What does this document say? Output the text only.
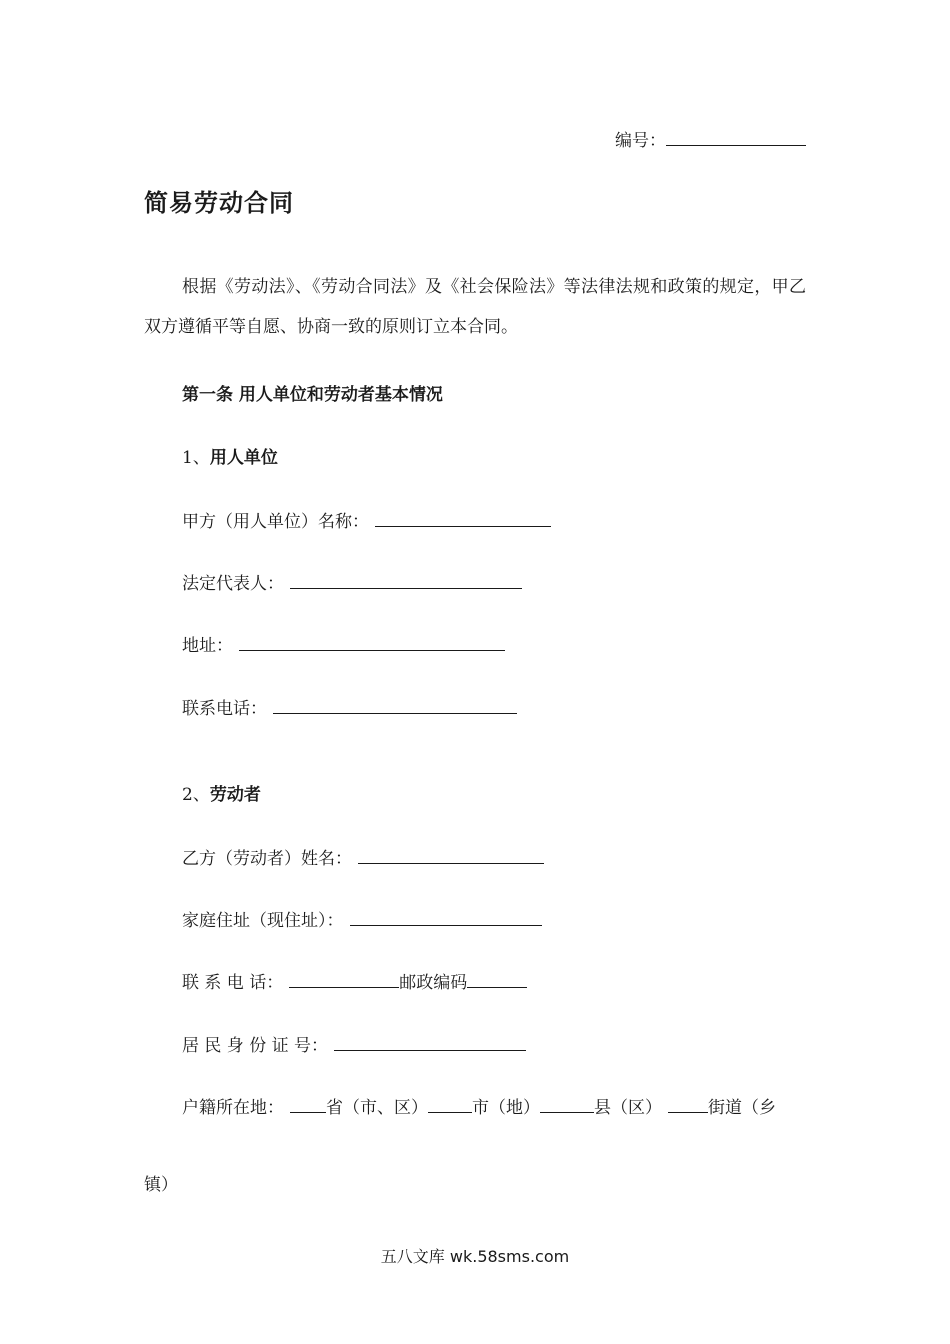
编号：
简易劳动合同
根据《劳动法》、《劳动合同法》及《社会保险法》等法律法规和政策的规定，甲乙双方遵循平等自愿、协商一致的原则订立本合同。
第一条 用人单位和劳动者基本情况
1、用人单位
甲方（用人单位）名称：
法定代表人：
地址：
联系电话：
2、劳动者
乙方（劳动者）姓名：
家庭住址（现住址）：
联 系 电 话：	邮政编码
居 民 身 份 证 号：
户籍所在地： 省（市、区）	市（地）	县（区）	街道（乡
镇）
五八文库 wk.58sms.com
